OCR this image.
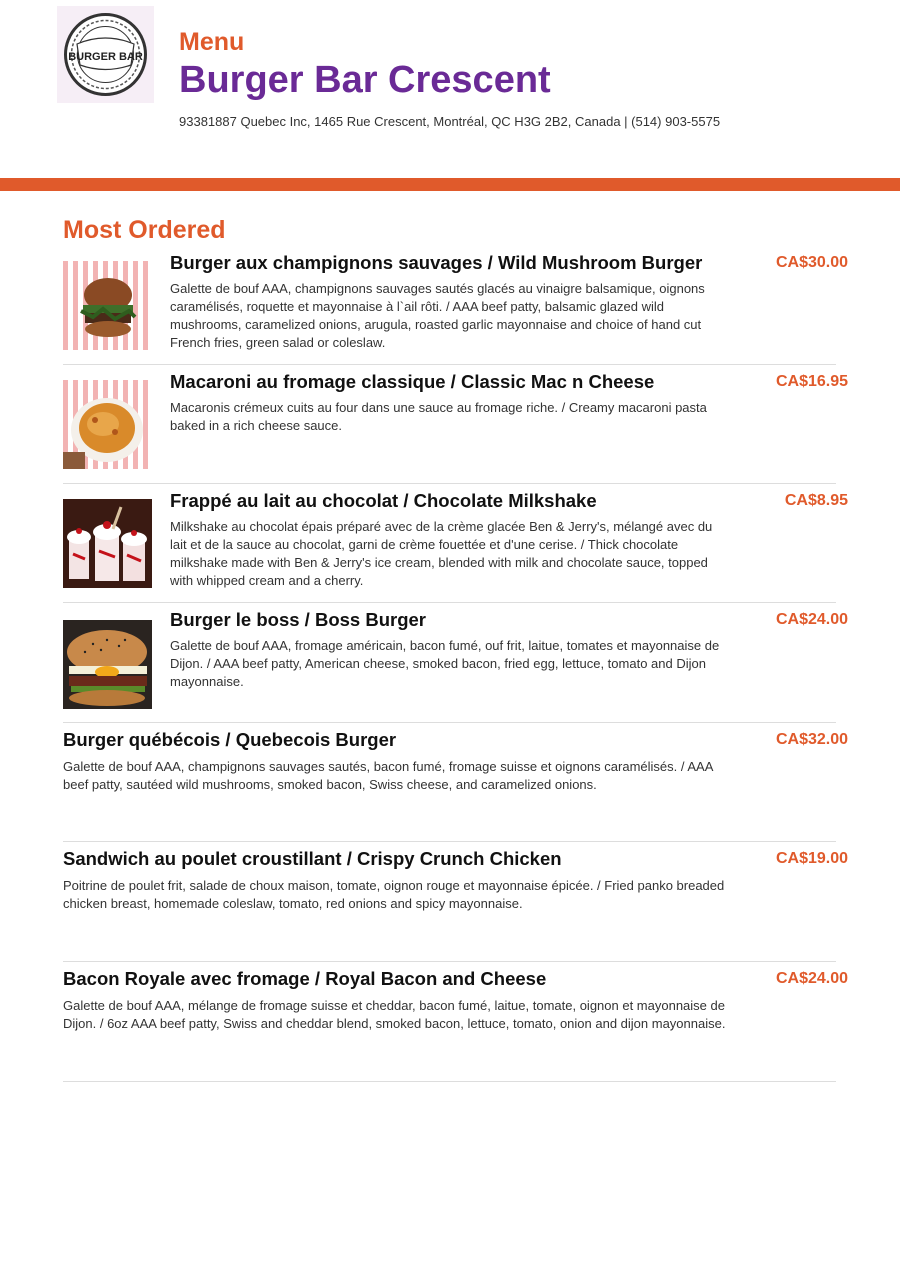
BURGER BAR
Menu
Burger Bar Crescent
93381887 Quebec Inc, 1465 Rue Crescent, Montréal, QC H3G 2B2, Canada | (514) 903-5575
Most Ordered
Burger aux champignons sauvages / Wild Mushroom Burger
Galette de bouf AAA, champignons sauvages sautés glacés au vinaigre balsamique, oignons caramélisés, roquette et mayonnaise à l`ail rôti. / AAA beef patty, balsamic glazed wild mushrooms, caramelized onions, arugula, roasted garlic mayonnaise and choice of hand cut French fries, green salad or coleslaw.
CA$30.00
Macaroni au fromage classique / Classic Mac n Cheese
Macaronis crémeux cuits au four dans une sauce au fromage riche. / Creamy macaroni pasta baked in a rich cheese sauce.
CA$16.95
Frappé au lait au chocolat / Chocolate Milkshake
Milkshake au chocolat épais préparé avec de la crème glacée Ben & Jerry's, mélangé avec du lait et de la sauce au chocolat, garni de crème fouettée et d'une cerise. / Thick chocolate milkshake made with Ben & Jerry's ice cream, blended with milk and chocolate sauce, topped with whipped cream and a cherry.
CA$8.95
Burger le boss / Boss Burger
Galette de bouf AAA, fromage américain, bacon fumé, ouf frit, laitue, tomates et mayonnaise de Dijon. / AAA beef patty, American cheese, smoked bacon, fried egg, lettuce, tomato and Dijon mayonnaise.
CA$24.00
Burger québécois / Quebecois Burger
Galette de bouf AAA, champignons sauvages sautés, bacon fumé, fromage suisse et oignons caramélisés. / AAA beef patty, sautéed wild mushrooms, smoked bacon, Swiss cheese, and caramelized onions.
CA$32.00
Sandwich au poulet croustillant / Crispy Crunch Chicken
Poitrine de poulet frit, salade de choux maison, tomate, oignon rouge et mayonnaise épicée. / Fried panko breaded chicken breast, homemade coleslaw, tomato, red onions and spicy mayonnaise.
CA$19.00
Bacon Royale avec fromage / Royal Bacon and Cheese
Galette de bouf AAA, mélange de fromage suisse et cheddar, bacon fumé, laitue, tomate, oignon et mayonnaise de Dijon. / 6oz AAA beef patty, Swiss and cheddar blend, smoked bacon, lettuce, tomato, onion and dijon mayonnaise.
CA$24.00
